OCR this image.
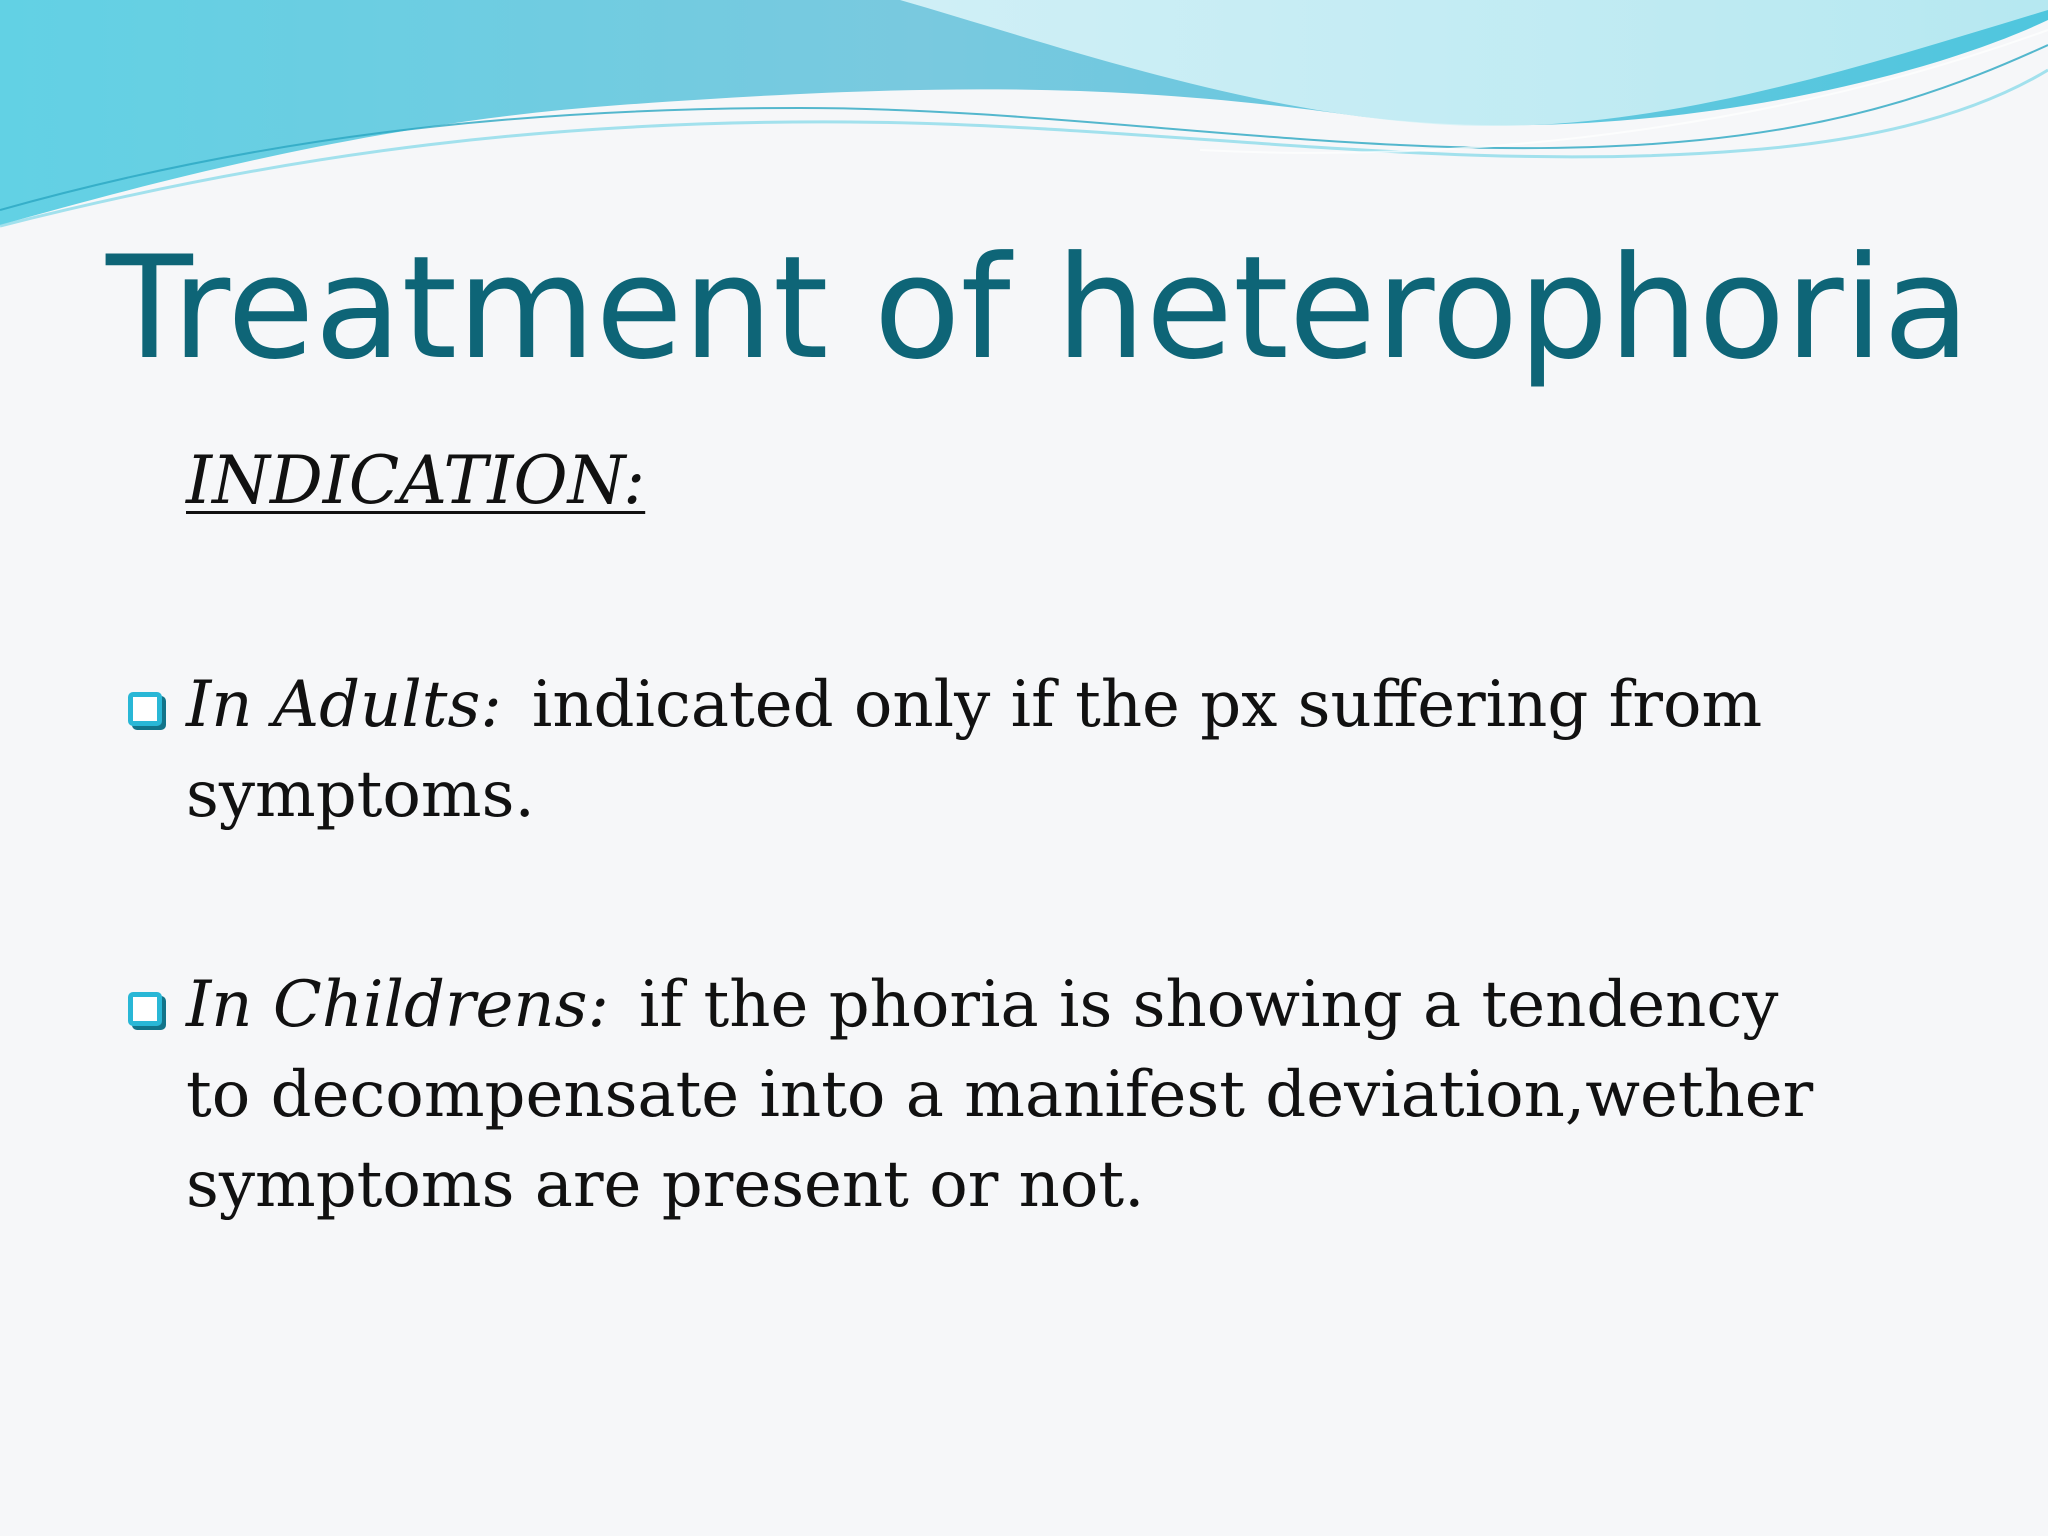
Treatment of heterophoria
INDICATION:
In Adults: indicated only if the px suffering from symptoms.
In Childrens: if the phoria is showing a tendency to decompensate into a manifest deviation,wether symptoms are present or not.
